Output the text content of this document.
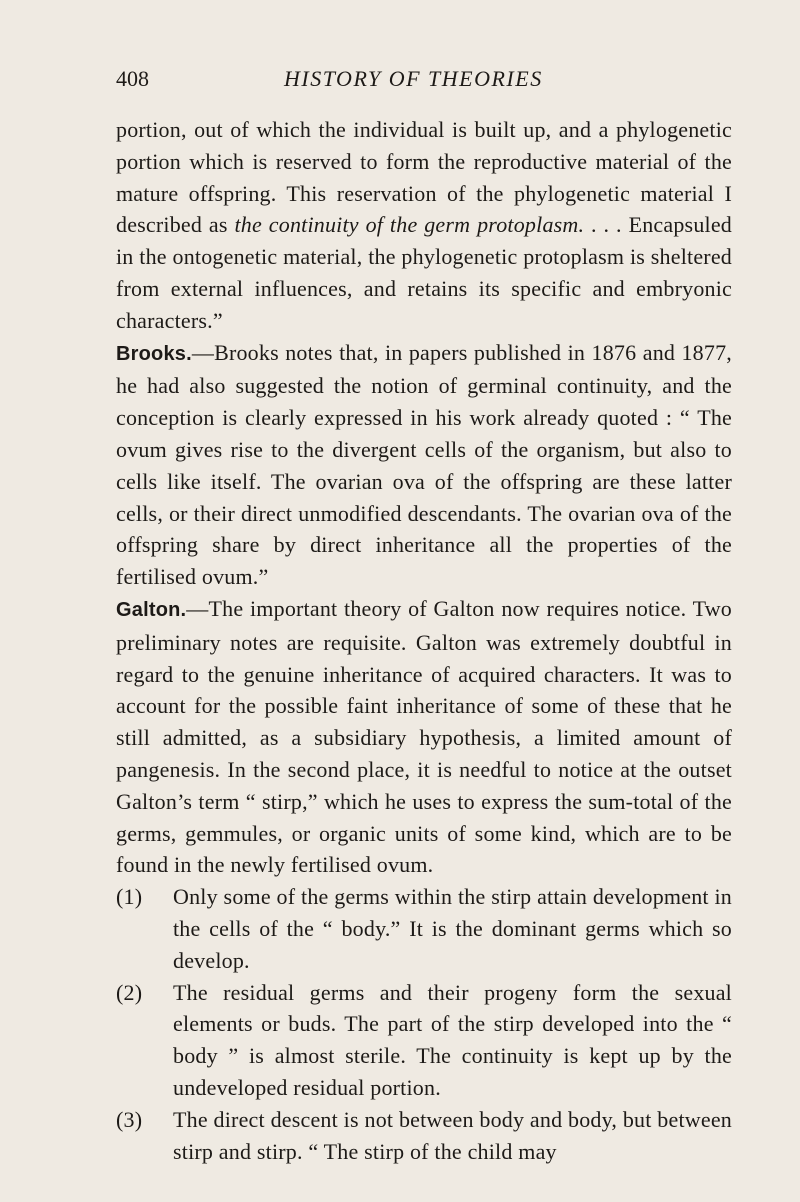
408	HISTORY OF THEORIES

portion, out of which the individual is built up, and a phylogenetic portion which is reserved to form the reproductive material of the mature offspring. This reservation of the phylogenetic material I described as the continuity of the germ protoplasm. . . . Encapsuled in the ontogenetic material, the phylogenetic protoplasm is sheltered from external influences, and retains its specific and embryonic characters.”

Brooks.—Brooks notes that, in papers published in 1876 and 1877, he had also suggested the notion of germinal continuity, and the conception is clearly expressed in his work already quoted : “ The ovum gives rise to the divergent cells of the organism, but also to cells like itself. The ovarian ova of the offspring are these latter cells, or their direct unmodified descendants. The ovarian ova of the offspring share by direct inheritance all the properties of the fertilised ovum.”

Galton.—The important theory of Galton now requires notice. Two preliminary notes are requisite. Galton was extremely doubtful in regard to the genuine inheritance of acquired characters. It was to account for the possible faint inheritance of some of these that he still admitted, as a subsidiary hypothesis, a limited amount of pangenesis. In the second place, it is needful to notice at the outset Galton’s term “ stirp,” which he uses to express the sum-total of the germs, gemmules, or organic units of some kind, which are to be found in the newly fertilised ovum.

(1)	Only some of the germs within the stirp attain development in the cells of the “ body.” It is the dominant germs which so develop.
(2)	The residual germs and their progeny form the sexual elements or buds. The part of the stirp developed into the “ body ” is almost sterile. The continuity is kept up by the undeveloped residual portion.
(3)	The direct descent is not between body and body, but between stirp and stirp. “ The stirp of the child may
